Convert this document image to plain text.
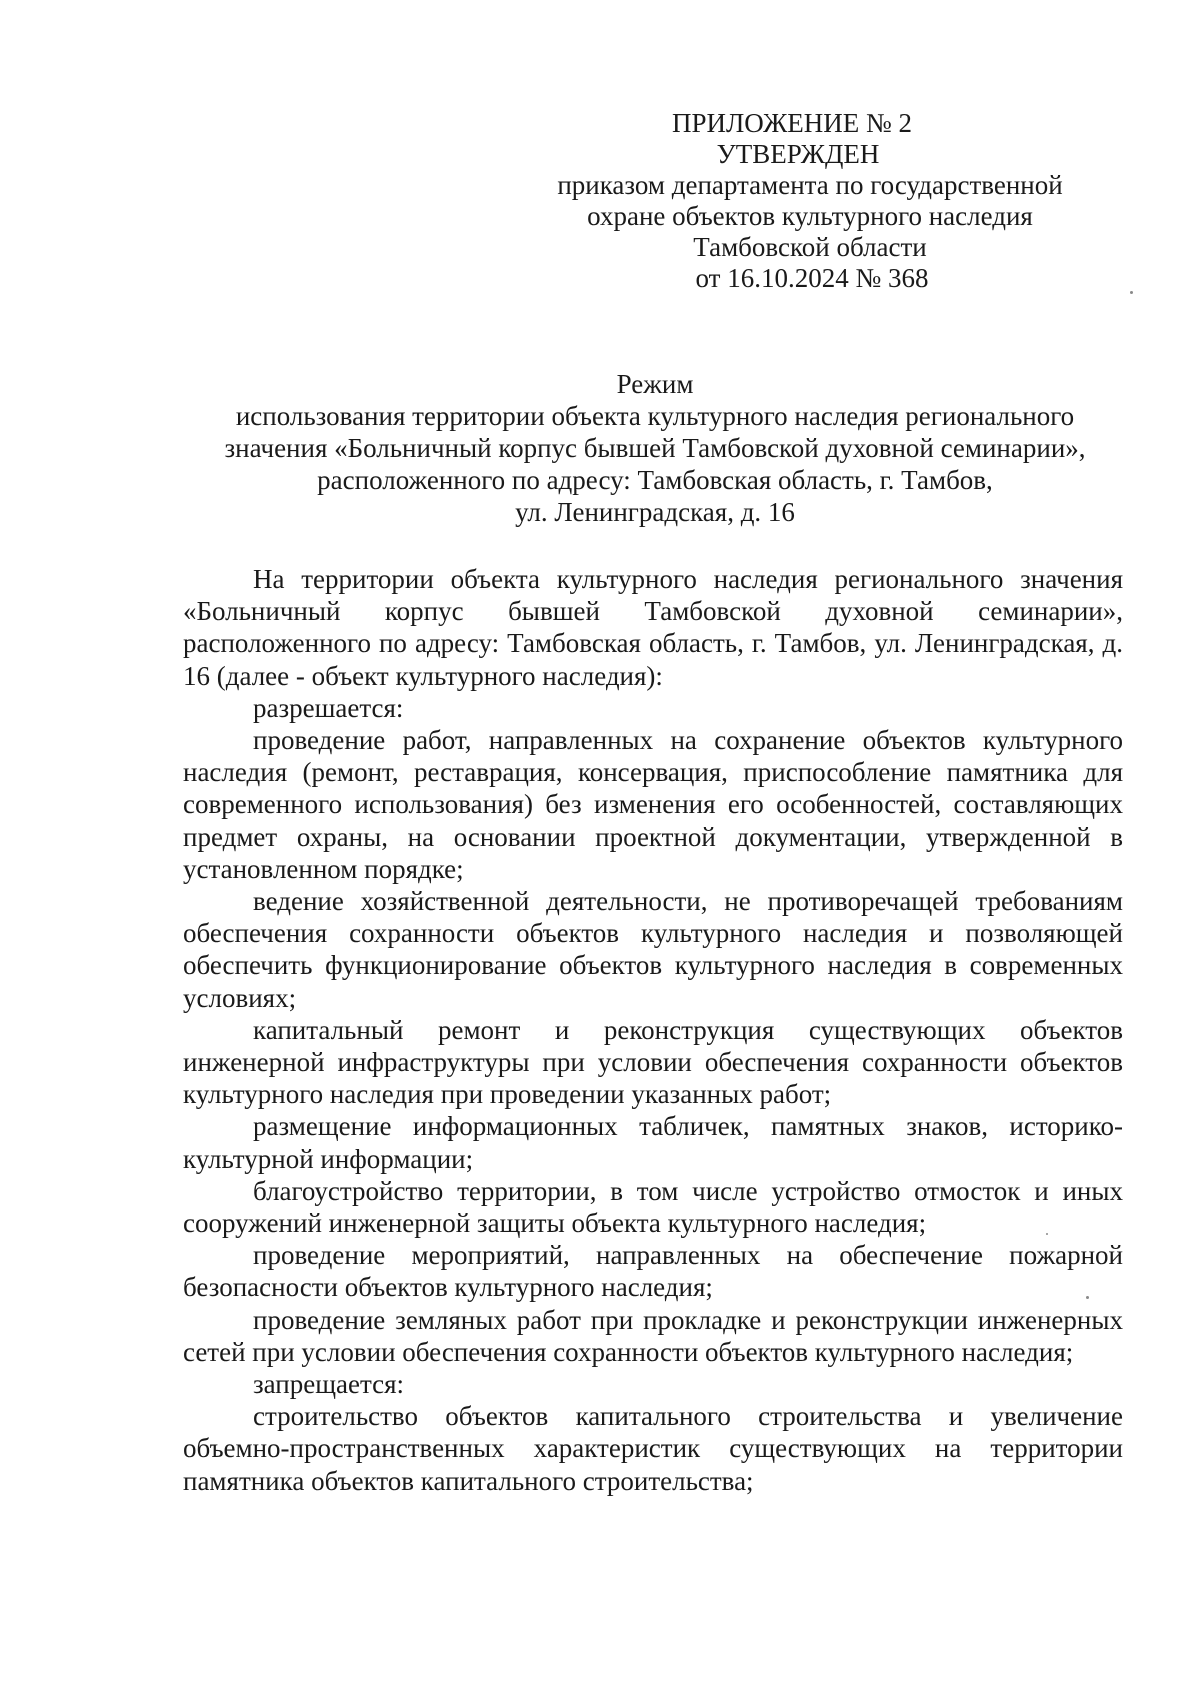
ПРИЛОЖЕНИЕ № 2
УТВЕРЖДЕН
приказом департамента по государственной
охране объектов культурного наследия
Тамбовской области
от 16.10.2024 № 368
Режим
использования территории объекта культурного наследия регионального
значения «Больничный корпус бывшей Тамбовской духовной семинарии»,
расположенного по адресу: Тамбовская область, г. Тамбов,
ул. Ленинградская, д. 16

На территории объекта культурного наследия регионального значения «Больничный корпус бывшей Тамбовской духовной семинарии», расположенного по адресу: Тамбовская область, г. Тамбов, ул. Ленинградская, д. 16 (далее - объект культурного наследия):

разрешается:

проведение работ, направленных на сохранение объектов культурного наследия (ремонт, реставрация, консервация, приспособление памятника для современного использования) без изменения его особенностей, составляющих предмет охраны, на основании проектной документации, утвержденной в установленном порядке;

ведение хозяйственной деятельности, не противоречащей требованиям обеспечения сохранности объектов культурного наследия и позволяющей обеспечить функционирование объектов культурного наследия в современных условиях;

капитальный ремонт и реконструкция существующих объектов инженерной инфраструктуры при условии обеспечения сохранности объектов культурного наследия при проведении указанных работ;

размещение информационных табличек, памятных знаков, историко-культурной информации;

благоустройство территории, в том числе устройство отмосток и иных сооружений инженерной защиты объекта культурного наследия;

проведение мероприятий, направленных на обеспечение пожарной безопасности объектов культурного наследия;

проведение земляных работ при прокладке и реконструкции инженерных сетей при условии обеспечения сохранности объектов культурного наследия;

запрещается:

строительство объектов капитального строительства и увеличение объемно-пространственных характеристик существующих на территории памятника объектов капитального строительства;
